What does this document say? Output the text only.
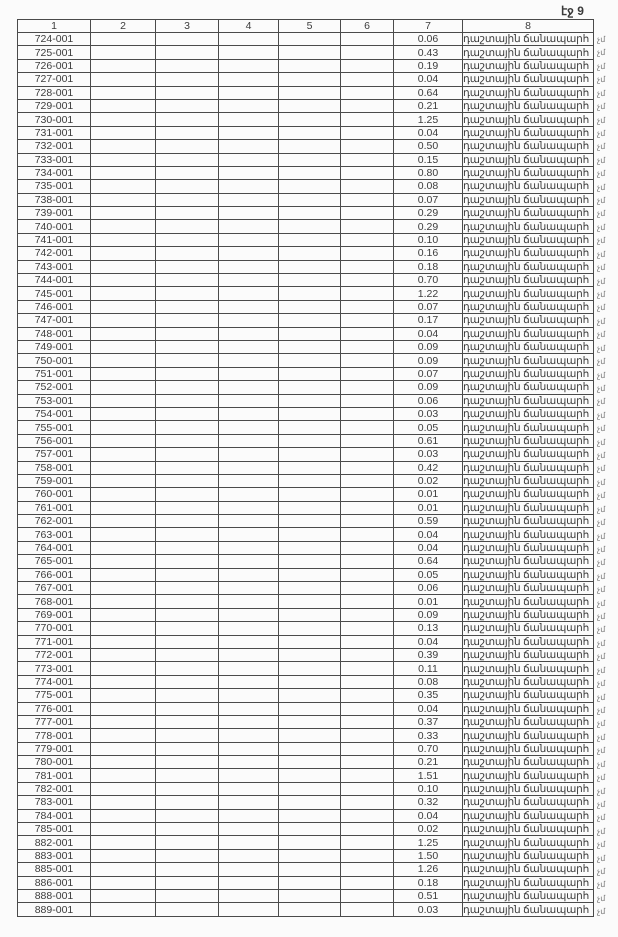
էջ 9
1	2	3	4	5	6	7	8
724-001						0.06	դաշտային ճանապարհ
725-001						0.43	դաշտային ճանապարհ
726-001						0.19	դաշտային ճանապարհ
727-001						0.04	դաշտային ճանապարհ
728-001						0.64	դաշտային ճանապարհ
729-001						0.21	դաշտային ճանապարհ
730-001						1.25	դաշտային ճանապարհ
731-001						0.04	դաշտային ճանապարհ
732-001						0.50	դաշտային ճանապարհ
733-001						0.15	դաշտային ճանապարհ
734-001						0.80	դաշտային ճանապարհ
735-001						0.08	դաշտային ճանապարհ
738-001						0.07	դաշտային ճանապարհ
739-001						0.29	դաշտային ճանապարհ
740-001						0.29	դաշտային ճանապարհ
741-001						0.10	դաշտային ճանապարհ
742-001						0.16	դաշտային ճանապարհ
743-001						0.18	դաշտային ճանապարհ
744-001						0.70	դաշտային ճանապարհ
745-001						1.22	դաշտային ճանապարհ
746-001						0.07	դաշտային ճանապարհ
747-001						0.17	դաշտային ճանապարհ
748-001						0.04	դաշտային ճանապարհ
749-001						0.09	դաշտային ճանապարհ
750-001						0.09	դաշտային ճանապարհ
751-001						0.07	դաշտային ճանապարհ
752-001						0.09	դաշտային ճանապարհ
753-001						0.06	դաշտային ճանապարհ
754-001						0.03	դաշտային ճանապարհ
755-001						0.05	դաշտային ճանապարհ
756-001						0.61	դաշտային ճանապարհ
757-001						0.03	դաշտային ճանապարհ
758-001						0.42	դաշտային ճանապարհ
759-001						0.02	դաշտային ճանապարհ
760-001						0.01	դաշտային ճանապարհ
761-001						0.01	դաշտային ճանապարհ
762-001						0.59	դաշտային ճանապարհ
763-001						0.04	դաշտային ճանապարհ
764-001						0.04	դաշտային ճանապարհ
765-001						0.64	դաշտային ճանապարհ
766-001						0.05	դաշտային ճանապարհ
767-001						0.06	դաշտային ճանապարհ
768-001						0.01	դաշտային ճանապարհ
769-001						0.09	դաշտային ճանապարհ
770-001						0.13	դաշտային ճանապարհ
771-001						0.04	դաշտային ճանապարհ
772-001						0.39	դաշտային ճանապարհ
773-001						0.11	դաշտային ճանապարհ
774-001						0.08	դաշտային ճանապարհ
775-001						0.35	դաշտային ճանապարհ
776-001						0.04	դաշտային ճանապարհ
777-001						0.37	դաշտային ճանապարհ
778-001						0.33	դաշտային ճանապարհ
779-001						0.70	դաշտային ճանապարհ
780-001						0.21	դաշտային ճանապարհ
781-001						1.51	դաշտային ճանապարհ
782-001						0.10	դաշտային ճանապարհ
783-001						0.32	դաշտային ճանապարհ
784-001						0.04	դաշտային ճանապարհ
785-001						0.02	դաշտային ճանապարհ
882-001						1.25	դաշտային ճանապարհ
883-001						1.50	դաշտային ճանապարհ
885-001						1.26	դաշտային ճանապարհ
886-001						0.18	դաշտային ճանապարհ
888-001						0.51	դաշտային ճանապարհ
889-001						0.03	դաշտային ճանապարհ
չմ
չմ
չմ
չմ
չմ
չմ
չմ
չմ
չմ
չմ
չմ
չմ
չմ
չմ
չմ
չմ
չմ
չմ
չմ
չմ
չմ
չմ
չմ
չմ
չմ
չմ
չմ
չմ
չմ
չմ
չմ
չմ
չմ
չմ
չմ
չմ
չմ
չմ
չմ
չմ
չմ
չմ
չմ
չմ
չմ
չմ
չմ
չմ
չմ
չմ
չմ
չմ
չմ
չմ
չմ
չմ
չմ
չմ
չմ
չմ
չմ
չմ
չմ
չմ
չմ
չմ
